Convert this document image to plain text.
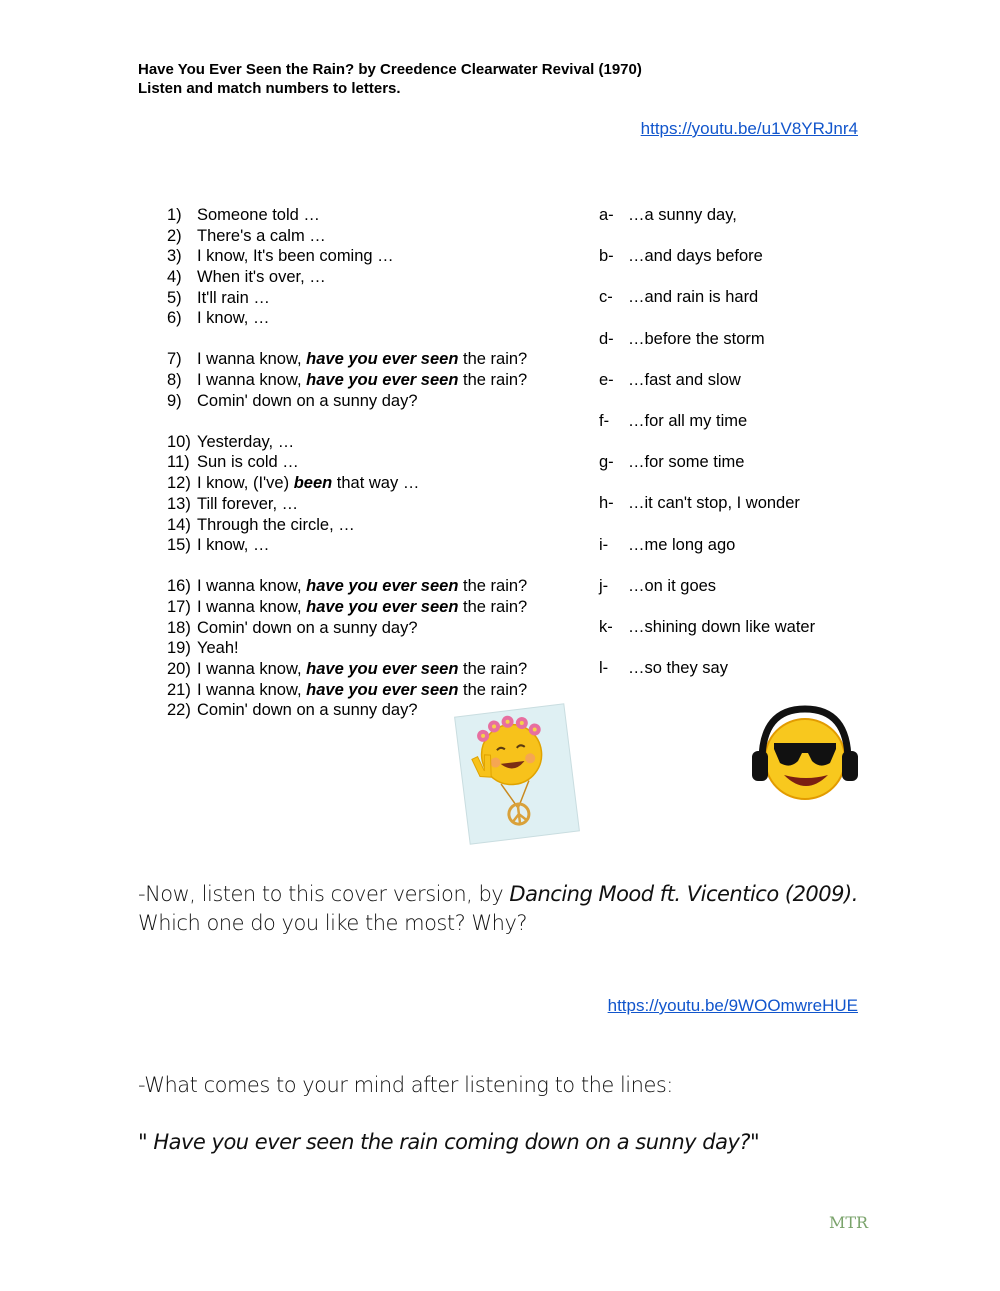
Have You Ever Seen the Rain? by Creedence Clearwater Revival (1970)
Listen and match numbers to letters.
https://youtu.be/u1V8YRJnr4
1) Someone told …
2) There's a calm …
3) I know, It's been coming …
4) When it's over, …
5) It'll rain …
6) I know, …
7) I wanna know, have you ever seen the rain?
8) I wanna know, have you ever seen the rain?
9) Comin' down on a sunny day?
10) Yesterday, …
11) Sun is cold …
12) I know, (I've) been that way …
13) Till forever, …
14) Through the circle, …
15) I know, …
16) I wanna know, have you ever seen the rain?
17) I wanna know, have you ever seen the rain?
18) Comin' down on a sunny day?
19) Yeah!
20) I wanna know, have you ever seen the rain?
21) I wanna know, have you ever seen the rain?
22) Comin' down on a sunny day?
a- …a sunny day,
b- …and days before
c- …and rain is hard
d- …before the storm
e- …fast and slow
f- …for all my time
g- …for some time
h- …it can't stop, I wonder
i- …me long ago
j- …on it goes
k- …shining down like water
l- …so they say
-Now, listen to this cover version, by Dancing Mood ft. Vicentico (2009).
Which one do you like the most? Why?
https://youtu.be/9WOOmwreHUE
-What comes to your mind after listening to the lines:
" Have you ever seen the rain coming down on a sunny day?"
MTR
